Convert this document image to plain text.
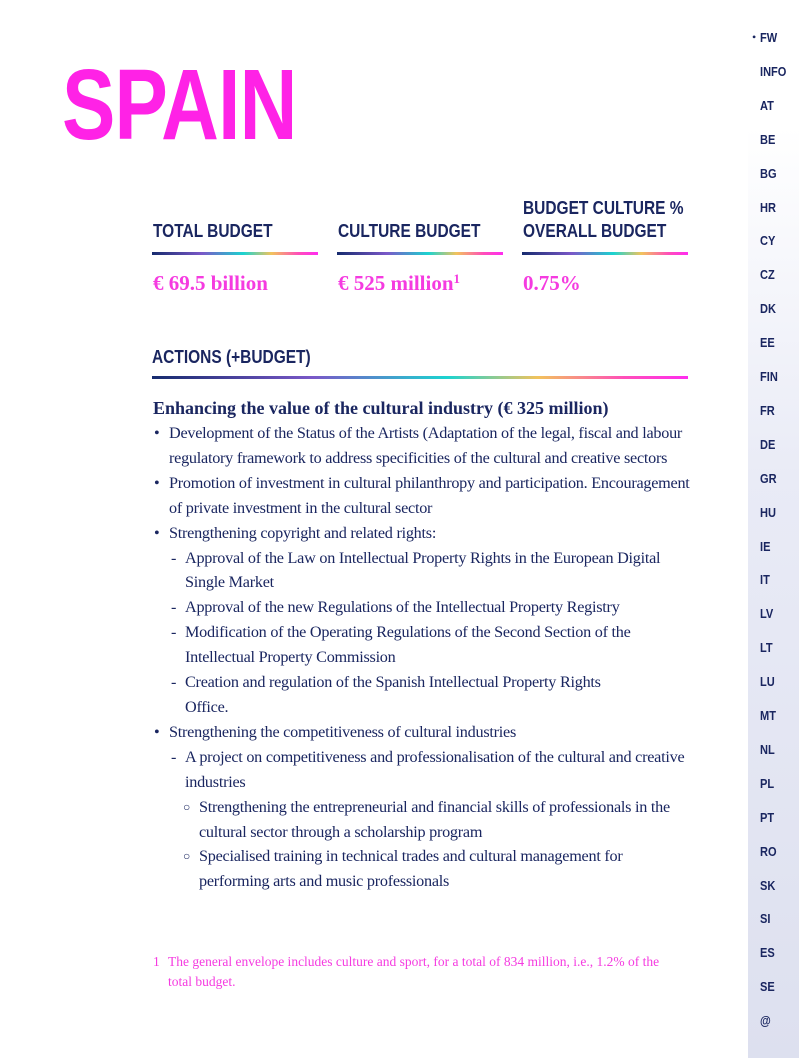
SPAIN
TOTAL BUDGET
€ 69.5 billion
CULTURE BUDGET
€ 525 million$^1$
BUDGET CULTURE %
OVERALL BUDGET
0.75%
ACTIONS (+BUDGET)
Enhancing the value of the cultural industry (€ 325 million)
• Development of the Status of the Artists (Adaptation of the legal, fiscal and labour regulatory framework to address specificities of the cultural and creative sectors
• Promotion of investment in cultural philanthropy and participation. Encouragement of private investment in the cultural sector
• Strengthening copyright and related rights:
- Approval of the Law on Intellectual Property Rights in the European Digital Single Market
- Approval of the new Regulations of the Intellectual Property Registry
- Modification of the Operating Regulations of the Second Section of the Intellectual Property Commission
- Creation and regulation of the Spanish Intellectual Property Rights Office.
• Strengthening the competitiveness of cultural industries
- A project on competitiveness and professionalisation of the cultural and creative industries
○ Strengthening the entrepreneurial and financial skills of professionals in the cultural sector through a scholarship program
○ Specialised training in technical trades and cultural management for performing arts and music professionals
1 The general envelope includes culture and sport, for a total of 834 million, i.e., 1.2% of the total budget.
• FW
INFO
AT
BE
BG
HR
CY
CZ
DK
EE
FIN
FR
DE
GR
HU
IE
IT
LV
LT
LU
MT
NL
PL
PT
RO
SK
SI
ES
SE
@
